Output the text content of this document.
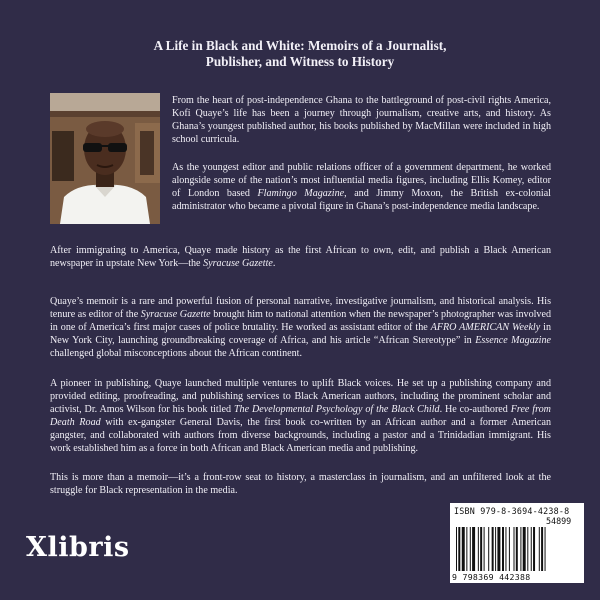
A Life in Black and White: Memoirs of a Journalist,
Publisher, and Witness to History

From the heart of post-independence Ghana to the battleground of post-civil rights America, Kofi Quaye’s life has been a journey through journalism, creative arts, and history. As Ghana’s youngest published author, his books published by MacMillan were included in high school curricula.

As the youngest editor and public relations officer of a government department, he worked alongside some of the nation’s most influential media figures, including Ellis Komey, editor of London based Flamingo Magazine, and Jimmy Moxon, the British ex-colonial administrator who became a pivotal figure in Ghana’s post-independence media landscape.

After immigrating to America, Quaye made history as the first African to own, edit, and publish a Black American newspaper in upstate New York—the Syracuse Gazette.

Quaye’s memoir is a rare and powerful fusion of personal narrative, investigative journalism, and historical analysis. His tenure as editor of the Syracuse Gazette brought him to national attention when the newspaper’s photographer was involved in one of America’s first major cases of police brutality. He worked as assistant editor of the AFRO AMERICAN Weekly in New York City, launching groundbreaking coverage of Africa, and his article “African Stereotype” in Essence Magazine challenged global misconceptions about the African continent.

A pioneer in publishing, Quaye launched multiple ventures to uplift Black voices. He set up a publishing company and provided editing, proofreading, and publishing services to Black American authors, including the prominent scholar and activist, Dr. Amos Wilson for his book titled The Developmental Psychology of the Black Child. He co-authored Free from Death Road with ex-gangster General Davis, the first book co-written by an African author and a former American gangster, and collaborated with authors from diverse backgrounds, including a pastor and a Trinidadian immigrant. His work established him as a force in both African and Black American media and publishing.

This is more than a memoir—it’s a front-row seat to history, a masterclass in journalism, and an unfiltered look at the struggle for Black representation in the media.

Xlibris
ISBN 979-8-3694-4238-8
54899
9 798369 442388
